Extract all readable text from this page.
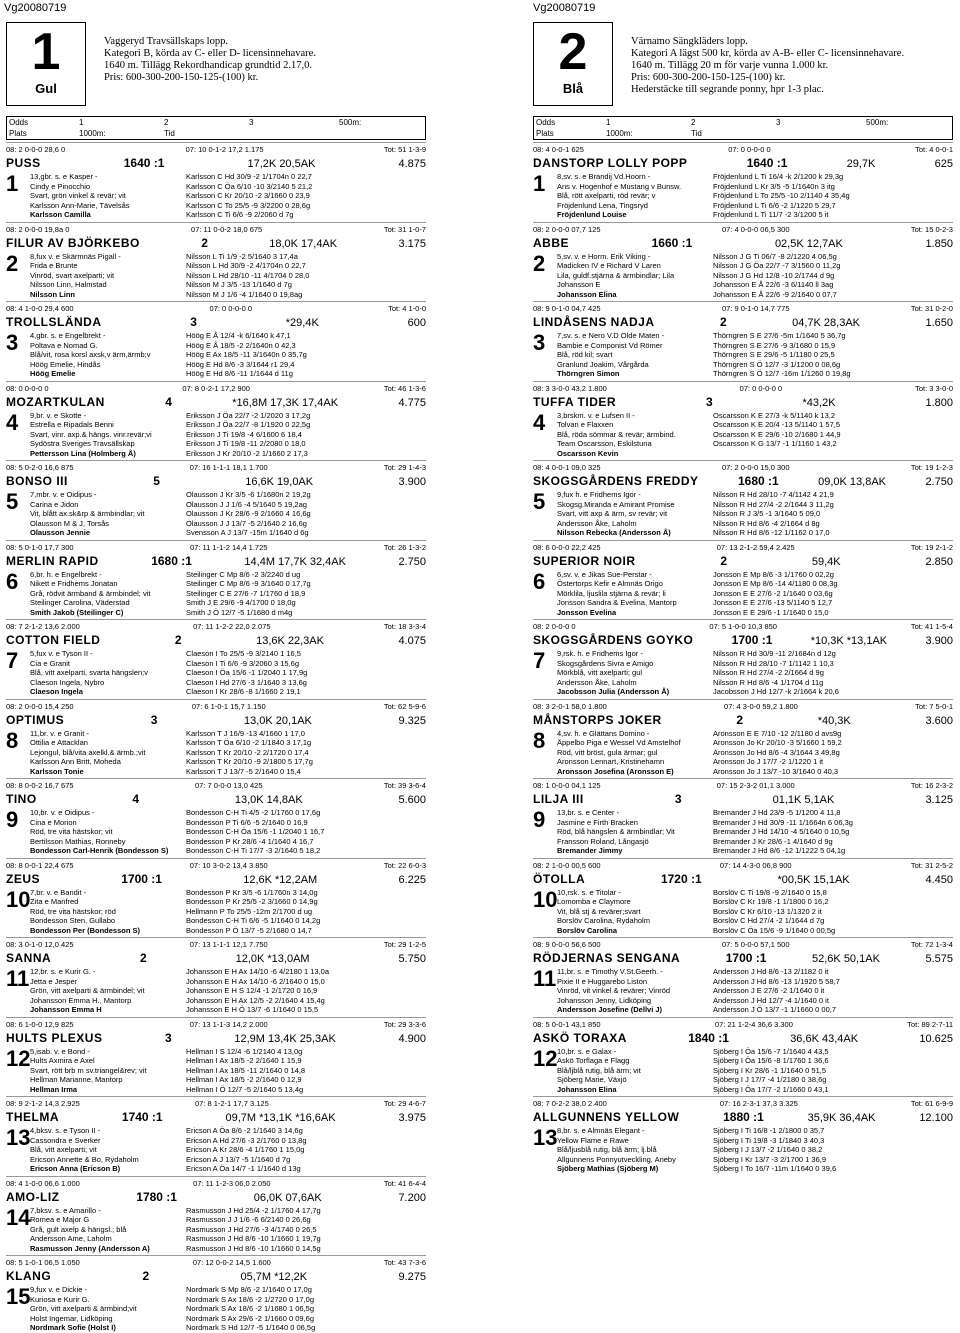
Vg20080719	Vg20080719
1
Gul
Vaggeryd Travsällskaps lopp.
Kategori B, körda av C- eller D- licensinnehavare.
1640 m. Tillägg Rekordhandicap grundtid 2.17,0.
Pris: 600-300-200-150-125-(100) kr.
Odds	1	2	3	500m:
Plats	1000m:	Tid
08: 2 0-0-0 28,6 0	07: 10 0-1-2 17,2 1.175	Tot: 51 1-3-9
PUSS	1640 :1	17,2K 20,5AK	4.875
1	13,gbr. s. e Kasper -
Cindy e Pinocchio
Svart, grön vinkel & revär; vit
Karlsson Ann-Marie, Tävelsås
Karlsson Camilla
Karlsson C Hd 30/9 -2 1/1704n 0 22,7
Karlsson C Öa 6/10 -10 3/2140 5 21,2
Karlsson C Kr 20/10 -2 3/1660 0 23,9
Karlsson C To 25/5 -9 3/2200 0 28,6g
Karlsson C Ti 6/6 -9 2/2060 d 7g
08: 2 0-0-0 19,8a 0	07: 11 0-0-2 18,0 675	Tot: 31 1-0-7
FILUR AV BJÖRKEBO	2	18,0K 17,4AK	3.175
2	8,fux v. e Skärmnäs Pigall -
Frida e Brunte
Vinröd, svart axelparti; vit
Nilsson Linn, Halmstad
Nilsson Linn
Nilsson L Ti 1/9 -2 5/1640 3 17,4a
Nilsson L Hd 30/9 -2 4/1704n 0 22,7
Nilsson L Hd 28/10 -11 4/1704 0 28,0
Nilsson M J 3/5 -13 1/1640 d 7g
Nilsson M J 1/6 -4 1/1640 0 19,8ag
08: 4 1-0-0 29,4 600	07: 0 0-0-0 0	Tot: 4 1-0-0
TROLLSLÄNDA	3	*29,4K	600
3	4,gbr. s. e Engelbrekt -
Poltava e Nomad G.
Blå/vit, rosa korsl axsk,v ärm,ärmb;v
Höög Emelie, Hindås
Höög Emelie
Höög E Å 12/4 -k 6/1640 k 47,1
Höög E Å 18/5 -2 2/1640n 0 42,3
Höög E Ax 18/5 -11 3/1640n 0 35,7g
Höög E Hd 8/6 -3 3/1644 r1 29,4
Höög E Hd 8/6 -11 1/1644 d 11g
08: 0 0-0-0 0	07: 8 0-2-1 17,2 900	Tot: 46 1-3-6
MOZARTKULAN	4	*16,8M 17,3K 17,4AK	4.775
4	9,br. v. e Skotte -
Estrella e Ripadals Benni
Svart, vinr. axp.& hängs. vinr.revär;vi
Sydöstra Sveriges Travsällskap
Pettersson Lina (Holmberg Å)
Eriksson J Öa 22/7 -2 1/2020 3 17,2g
Eriksson J Öa 22/7 -8 1/1920 0 22,5g
Eriksson J Ti 19/8 -4 6/1600 6 18,4
Eriksson J Ti 19/8 -11 2/2080 0 18,0
Eriksson J Kr 20/10 -2 1/1660 2 17,3
08: 5 0-2-0 16,6 875	07: 16 1-1-1 18,1 1.700	Tot: 29 1-4-3
BONSO III	5	16,6K 19,0AK	3.900
5	7,mbr. v. e Oidipus -
Carina e Jidon
Vit, blått ax.sk&rp & ärmbindlar; vit
Olausson M & J, Torsås
Olausson Jennie
Olausson J Kr 3/5 -6 1/1680n 2 19,2g
Olausson J J 1/6 -4 5/1640 5 19,2ag
Olausson J Kr 28/6 -9 2/1660 4 16,6g
Olausson J J 13/7 -5 2/1640 2 16,6g
Svensson A J 13/7 -15m 1/1640 d 6g
08: 5 0-1-0 17,7 300	07: 11 1-1-2 14,4 1.725	Tot: 26 1-3-2
MERLIN RAPID	1680 :1	14,4M 17,7K 32,4AK	2.750
6	6,br. h. e Engelbrekt -
Nikett e Fridhems Jonatan
Grå, rödvit ärmband & ärmbindel; vit
Steilinger Carolina, Väderstad
Smith Jakob (Steilinger C)
Steilinger C Mp 8/6 -2 3/2240 d ug
Steilinger C Mp 8/6 -9 3/1640 0 17,7g
Steilinger C E 27/6 -7 1/1760 d 18,9
Smith J E 29/6 -9 4/1700 0 18,0g
Smith J Ö 12/7 -5 1/1680 d m4g
08: 7 2-1-2 13,6 2.000	07: 11 1-2-2 22,0 2.075	Tot: 18 3-3-4
COTTON FIELD	2	13,6K 22,3AK	4.075
7	5,fux v. e Tyson II -
Cia e Granit
Blå, vitt axelparti, svarta hängslen;v
Claeson Ingela, Nybro
Claeson Ingela
Claeson I To 25/5 -9 3/2140 1 16,5
Claeson I Ti 6/6 -9 3/2060 3 15,6g
Claeson I Öa 15/6 -1 1/2040 1 17,9g
Claeson I Hd 27/6 -3 1/1640 3 13,6g
Claeson I Kr 28/6 -8 1/1660 2 19,1
08: 2 0-0-0 15,4 250	07: 6 1-0-1 15,7 1.150	Tot: 62 5-9-6
OPTIMUS	3	13,0K 20,1AK	9.325
8	11,br. v. e Granit -
Ottilia e Attacklan
Lejongul, blå/vita axelkl.& ärmb.;vit
Karlsson Ann Britt, Moheda
Karlsson Tonie
Karlsson T J 16/9 -13 4/1660 1 17,0
Karlsson T Öa 6/10 -2 1/1840 3 17,1g
Karlsson T Kr 20/10 -2 2/1720 0 17,4
Karlsson T Kr 20/10 -9 2/1800 5 17,7g
Karlsson T J 13/7 -5 2/1640 0 15,4
08: 8 0-0-2 16,7 675	07: 7 0-0-0 13,0 425	Tot: 39 3-6-4
TINO	4	13,0K 14,8AK	5.600
9	10,br. v. e Oidipus -
Cina e Morion
Röd, tre vita hästskor; vit
Bertilsson Mathias, Ronneby
Bondesson Carl-Henrik (Bondesson S)
Bondesson C-H Ti 4/5 -2 1/1760 0 17,6g
Bondesson P Ti 6/6 -5 2/1640 0 16,9
Bondesson C-H Öa 15/6 -1 1/2040 1 16,7
Bondesson P Kr 28/6 -4 1/1640 4 16,7
Bondesson C-H Ti 17/7 -3 2/1640 5 18,2
08: 8 0-0-1 22,4 675	07: 10 3-0-2 13,4 3.850	Tot: 22 6-0-3
ZEUS	1700 :1	12,6K *12,2AM	6.225
10 7,br. v. e Bandit -
Zita e Manfred
Röd, tre vita hästskor; röd
Bondesson Sten, Gullabo
Bondesson Per (Bondesson S)
Bondesson P Kr 3/5 -6 1/1760n 3 14,0g
Bondesson P Kr 25/5 -2 3/1660 0 14,9g
Hellmann P To 25/5 -12m 2/1700 d ug
Bondesson C-H Ti 6/6 -5 1/1640 0 14,2g
Bondesson P Ö 13/7 -5 2/1680 0 14,7
08: 3 0-1-0 12,0 425	07: 13 1-1-1 12,1 7.750	Tot: 29 1-2-5
SANNA	2	12,0K *13,0AM	5.750
11 12,br. s. e Kurir G. -
Jetta e Jesper
Grön, vitt axelparti & ärmbindel; vit
Johansson Emma H., Mantorp
Johansson Emma H
Johansson E H Ax 14/10 -6 4/2180 1 13,0a
Johansson E H Ax 14/10 -6 2/1640 0 15,0
Johansson E H S 12/4 -1 2/1720 0 16,9
Johansson E H Ax 12/5 -2 2/1640 4 15,4g
Johansson E H Ö 13/7 -6 1/1640 0 15,5
08: 6 1-0-0 12,9 825	07: 13 1-1-3 14,2 2.000	Tot: 29 3-3-6
HULTS PLEXUS	3	12,9M 13,4K 25,3AK	4.900
12 5,isab. v. e Bond -
Hults Axmira e Axel
Svart, rött brb m sv.triangel&rev; vit
Hellman Marianne, Mantorp
Hellman Irma
Hellman I S 12/4 -6 1/2140 4 13,0g
Hellman I Ax 18/5 -2 2/1640 1 15,9
Hellman I Ax 18/5 -11 2/1640 0 14,8
Hellman I Ax 18/5 -2 2/1640 0 12,9
Hellman I Ö 12/7 -5 2/1640 5 13,4g
08: 9 2-1-2 14,3 2.925	07: 8 1-2-1 17,7 3.125	Tot: 29 4-6-7
THELMA	1740 :1	09,7M *13,1K *16,6AK	3.975
13 4,bksv. s. e Tyson II -
Cassondra e Sverker
Blå, vitt axelparti; vit
Ericson Annette & Bo, Rydaholm
Ericson Anna (Ericson B)
Ericson A Öa 8/6 -2 1/1640 3 14,6g
Ericson A Hd 27/6 -3 2/1760 0 13,8g
Ericson A Kr 28/6 -4 1/1760 1 15,0g
Ericson A J 13/7 -5 1/1640 d 7g
Ericson A Öa 14/7 -1 1/1640 d 13g
08: 4 1-0-0 06,6 1.000	07: 11 1-2-3 06,0 2.050	Tot: 41 6-4-4
AMO-LIZ	1780 :1	06,0K 07,6AK	7.200
14 7,bksv. s. e Amarillo -
Romea e Major G
Grå, gult axelp & hängsl.; blå
Andersson Ame, Laholm
Rasmusson Jenny (Andersson A)
Rasmusson J Hd 25/4 -2 1/1760 4 17,7g
Rasmusson J J 1/6 -6 6/2140 0 26,6g
Rasmusson J Hd 27/6 -3 4/1740 0 26,5
Rasmusson J Hd 8/6 -10 1/1660 1 19,7g
Rasmusson J Hd 8/6 -10 1/1660 0 14,5g
08: 5 1-0-1 06,5 1.050	07: 12 0-0-2 14,5 1.600	Tot: 43 7-3-6
KLANG	2	05,7M *12,2K	9.275
15 9,fux v. e Dickie -
Kuriosa e Kurir G.
Grön, vitt axelparti & ärmbind;vit
Holst Ingemar, Lidköping
Nordmark Sofie (Holst I)
Nordmark S Mp 8/6 -2 1/1640 0 17,0g
Nordmark S Ax 18/6 -2 1/2720 0 17,0g
Nordmark S Ax 18/6 -2 1/1680 1 06,5g
Nordmark S Ax 29/6 -2 1/1660 0 09,6g
Nordmark S Hd 12/7 -5 1/1640 0 06,5g
2
Blå
Värnamo Sängkläders lopp.
Kategori A lägst 500 kr, körda av A-B- eller C- licensinnehavare.
1640 m. Tillägg 20 m för varje vunna 1.000 kr.
Pris: 600-300-200-150-125-(100) kr.
Hederstäcke till segrande ponny, hpr 1-3 plac.
Odds	1	2	3	500m:
Plats	1000m:	Tid
08: 4 0-0-1 625	07: 0 0-0-0 0	Tot: 4 0-0-1
DANSTORP LOLLY POPP	1640 :1	29,7K	625
1	8,sv. s. e Brandij Vd.Hoorn -
Ans v. Hogenhof e Mustang v Bunsw.
Blå, rött axelparti, röd revär; v
Fröjdenlund Lena, Tingsryd
Fröjdenlund Louise
Fröjdenlund L Ti 16/4 -k 2/1200 k 29,3g
Fröjdenlund L Kr 3/5 -5 1/1640n 3 itg
Fröjdenlund L To 25/5 -10 2/1140 4 35,4g
Fröjdenlund L Ti 6/6 -2 1/1220 5 29,7
Fröjdenlund L Ti 11/7 -2 3/1200 5 it
08: 2 0-0-0 07,7 125	07: 4 0-0-0 06,5 300	Tot: 15 0-2-3
ABBE	1660 :1	02,5K 12,7AK	1.850
2	5,sv. v. e Horm. Erik Viking -
Madicken IV e Richard V Laren
Lila, guldf.stjärna & ärmbindlar; Lila
Johansson E
Johansson Elina
Nilsson J G Ti 06/7 -8 2/1220 4 06,5g
Nilsson J G Öa 22/7 -7 3/1560 0 11,2g
Nilsson J G Hd 12/8 -10 2/1744 d 9g
Johansson E Å 22/6 -3 6/1140 ll 3ag
Johansson E Å 22/6 -9 2/1640 0 07,7
08: 9 0-1-0 04,7 425	07: 9 0-1-0 14,7 775	Tot: 31 0-2-0
LINDÅSENS NADJA	2	04,7K 28,3AK	1.650
3	7,sv. s. e Nero V.D Olde Maten -
Bambie e Componist Vd Römer
Blå, röd kil; svart
Granlund Joakim, Vårgårda
Thörngren Simon
Thörngren S E 27/6 -5m 1/1640 5 36,7g
Thörngren S E 27/6 -9 3/1680 0 15,9
Thörngren S E 29/6 -5 1/1180 0 25,5
Thörngren S Ö 12/7 -3 1/1200 0 08,6g
Thörngren S Ö 12/7 -16m 1/1260 0 19,8g
08: 3 3-0-0 43,2 1.800	07: 0 0-0-0 0	Tot: 3 3-0-0
TUFFA TIDER	3	*43,2K	1.800
4	3,brskm. v. e Lufsen II -
Tolvan e Flaxxen
Blå, röda sömmar & revär; ärmbind.
Team Oscarsson, Eskilstuna
Oscarsson Kevin
Oscarsson K E 27/3 -k 5/1140 k 13,2
Oscarsson K E 20/4 -13 5/1140 1 57,5
Oscarsson K E 29/6 -10 2/1680 1 44,9
Oscarsson K G 13/7 -1 1/1160 1 43,2
08: 4 0-0-1 09,0 325	07: 2 0-0-0 15,0 300	Tot: 19 1-2-3
SKOGSGÅRDENS FREDDY	1680 :1	09,0K 13,8AK	2.750
5	9,fux h. e Fridhems Igor -
Skogsg.Miranda e Amirant Promise
Svart, vitt axp & ärm, sv revär; vit
Andersson Åke, Laholm
Nilsson Rebecka (Andersson Å)
Nilsson R Hd 28/10 -7 4/1142 4 21,9
Nilsson R Hd 27/4 -2 2/1644 3 11,2g
Nilsson R J 3/5 -1 3/1640 5 09,0
Nilsson R Hd 8/6 -4 2/1664 d 8g
Nilsson R Hd 8/6 -12 1/1162 0 17,0
08: 6 0-0-0 22,2 425	07: 13 2-1-2 59,4 2.425	Tot: 19 2-1-2
SUPERIOR NOIR	2	59,4K	2.850
6	6,sv. v. e Jikas Sue-Perstar -
Östertorps Kefir e Almnäs Origo
Mörklila, ljuslila stjärna & revär; li
Jonsson Sandra & Evelina, Mantorp
Jonsson Evelina
Jonsson E Mp 8/6 -3 1/1760 0 02,2g
Jonsson E Mp 8/6 -14 4/1180 0 08,3g
Jonsson E E 27/6 -2 1/1640 0 03,6g
Jonsson E E 27/6 -13 5/1140 5 12,7
Jonsson E E 29/6 -1 1/1640 0 15,0
08: 2 0-0-0 0	07: 5 1-0-0 10,3 850	Tot: 41 1-5-4
SKOGSGÅRDENS GOYKO	1700 :1	*10,3K *13,1AK	3.900
7	9,rsk. h. e Fridhems Igor -
Skogsgårdens Sivra e Amigo
Mörkblå, vitt axelparti; gul
Andersson Åke, Laholm
Jacobsson Julia (Andersson Å)
Nilsson R Hd 30/9 -11 2/1684n d 12g
Nilsson R Hd 28/10 -7 1/1142 1 10,3
Nilsson R Hd 27/4 -2 2/1664 d 9g
Nilsson R Hd 8/6 -4 1/1704 d 11g
Jacobsson J Hd 12/7 -k 2/1664 k 20,6
08: 3 2-0-1 58,0 1.800	07: 4 3-0-0 59,2 1.800	Tot: 7 5-0-1
MÅNSTORPS JOKER	2	*40,3K	3.600
8	4,sv. h. e Glättans Domino -
Äppelbo Piga e Wessel Vd Amstelhof
Röd, vitt bröst, gula ärmar; gul
Aronsson Lennart, Kristinehamn
Aronsson Josefina (Aronsson E)
Aronsson E E 7/10 -12 2/1180 d avs9g
Aronsson Jo Kr 20/10 -3 5/1660 1 59,2
Aronsson Jo Hd 8/6 -4 3/1644 3 49,8g
Aronsson Jo J 17/7 -2 1/1220 1 it
Aronsson Jo J 13/7 -10 3/1640 0 40,3
08: 1 0-0-0 04,1 125	07: 15 2-3-2 01,1 3.000	Tot: 16 2-3-2
LILJA III	3	01,1K 5,1AK	3.125
9	13,br. s. e Center -
Jasmine e Firth Bracken
Röd, blå hängslen & ärmbindlar; Vit
Fransson Roland, Långasjö
Bremander Jimmy
Bremander J Hd 23/9 -5 1/1200 4 11,8
Bremander J Hd 30/9 -11 1/1664n 6 06,3g
Bremander J Hd 14/10 -4 5/1640 0 10,5g
Bremander J Kr 28/6 -1 4/1640 d 9g
Bremander J Hd 8/6 -12 1/1222 5 04,1g
08: 2 1-0-0 00,5 600	07: 14 4-3-0 06,8 900	Tot: 31 2-5-2
ÖTOLLA	1720 :1	*00,5K 15,1AK	4.450
10 10,rsk. s. e Titolar -
Lomomba e Claymore
Vit, blå stj & revärer;svart
Borslöv Carolina, Rydaholm
Borslöv Carolina
Borslöv C Ti 19/8 -9 2/1640 0 15,8
Borslöv C Kr 19/8 -1 1/1800 0 16,2
Borslöv C Kr 6/10 -13 1/1320 2 it
Borslöv C Hd 27/4 -2 1/1644 d 7g
Borslöv C Öa 15/6 -9 1/1640 0 00,5g
08: 9 0-0-0 56,6 500	07: 5 0-0-0 57,1 500	Tot: 72 1-3-4
RÖDJERNAS SENGANA	1700 :1	52,6K 50,1AK	5.575
11 11,br. s. e Timothy V.St.Geerh. -
Pixie II e Huggarebo Liston
Vinröd, vit vinkel & revärer; Vinröd
Johansson Jenny, Lidköping
Andersson Josefine (Dellvi J)
Andersson J Hd 8/6 -13 2/1182 0 it
Andersson J Hd 8/6 -13 1/1920 5 58,7
Andersson J E 27/6 -2 1/1640 0 it
Andersson J Hd 12/7 -4 1/1640 0 it
Andersson J Ö 13/7 -1 1/1660 0 00,7
08: 5 0-0-1 43,1 850	07: 21 1-2-4 36,6 3.300	Tot: 89 2-7-11
ASKÖ TORAXA	1840 :1	36,6K 43,4AK	10.625
12 10,br. s. e Galax -
Askö Torflaga e Flagg
Blå/ljblå rutig, blå ärm; vit
Sjöberg Marie, Växjö
Johansson Elina
Sjöberg I Öa 15/6 -7 1/1640 4 43,5
Sjöberg I Öa 15/6 -8 1/1760 1 36,6
Sjöberg I Kr 28/6 -1 1/1640 0 51,5
Sjöberg I J 17/7 -4 1/2180 0 38,6g
Sjöberg I Öa 17/7 -2 1/1660 0 43,1
08: 7 0-2-2 38,0 2.400	07: 16 2-3-1 37,3 3.325	Tot: 61 6-9-9
ALLGUNNENS YELLOW	1880 :1	35,9K 36,4AK	12.100
13 8,br. s. e Almnäs Elegant -
Yellow Flame e Rawe
Blå/ljusblå rutig, blå ärm; lj.blå
Allgunnens Ponnyutveckling, Aneby
Sjöberg Mathias (Sjöberg M)
Sjöberg I Ti 16/8 -1 2/1800 0 35,7
Sjöberg I Ti 19/8 -3 1/1840 3 40,3
Sjöberg I J 13/7 -2 1/1640 0 38,2
Sjöberg I Kr 13/7 -3 2/1700 1 36,9
Sjöberg I To 16/7 -11m 1/1640 0 39,6
